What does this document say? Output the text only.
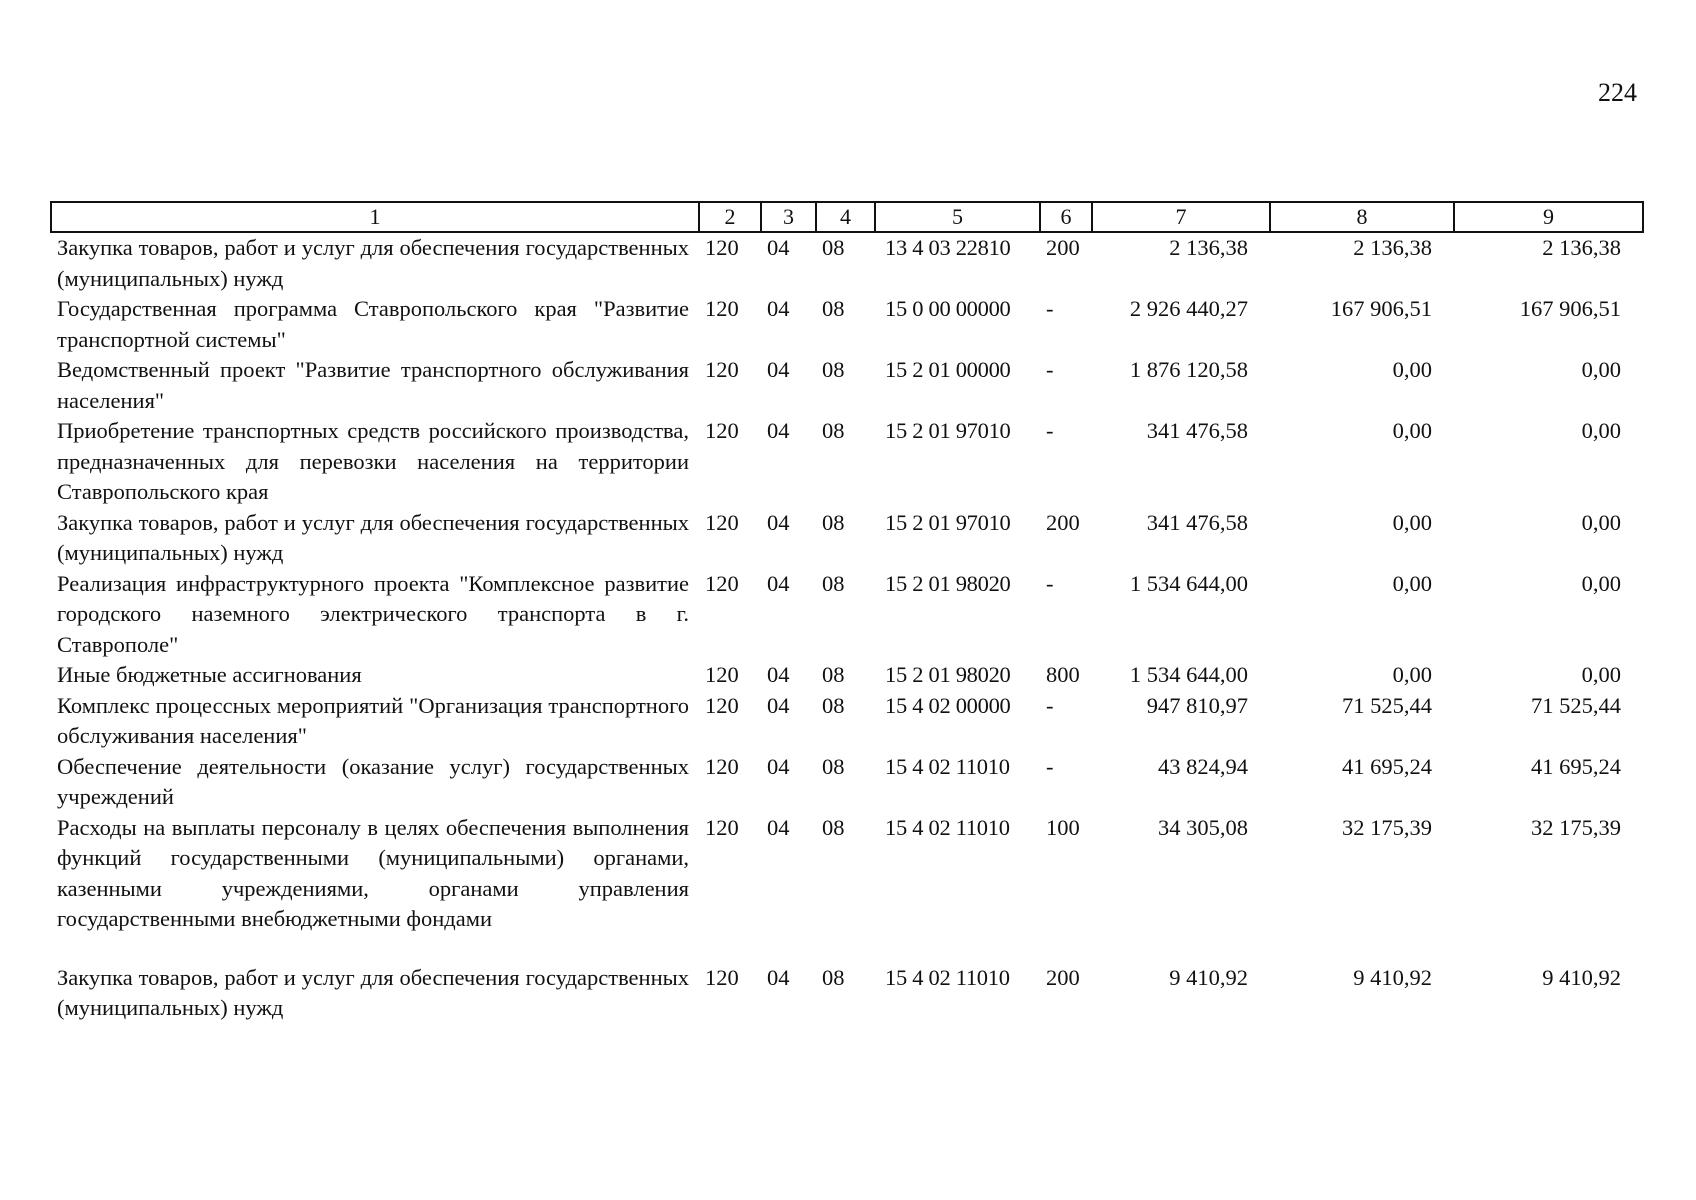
224
1	2	3	4	5	6	7	8	9
Закупка товаров, работ и услуг для обеспечения государственных (муниципальных) нужд	120	04	08	13 4 03 22810	200	2 136,38	2 136,38	2 136,38
Государственная программа Ставропольского края "Развитие транспортной системы"	120	04	08	15 0 00 00000	-	2 926 440,27	167 906,51	167 906,51
Ведомственный проект "Развитие транспортного обслуживания населения"	120	04	08	15 2 01 00000	-	1 876 120,58	0,00	0,00
Приобретение транспортных средств российского производства, предназначенных для перевозки населения на территории Ставропольского края	120	04	08	15 2 01 97010	-	341 476,58	0,00	0,00
Закупка товаров, работ и услуг для обеспечения государственных (муниципальных) нужд	120	04	08	15 2 01 97010	200	341 476,58	0,00	0,00
Реализация инфраструктурного проекта "Комплексное развитие городского наземного электрического транспорта в г. Ставрополе"	120	04	08	15 2 01 98020	-	1 534 644,00	0,00	0,00
Иные бюджетные ассигнования	120	04	08	15 2 01 98020	800	1 534 644,00	0,00	0,00
Комплекс процессных мероприятий "Организация транспортного обслуживания населения"	120	04	08	15 4 02 00000	-	947 810,97	71 525,44	71 525,44
Обеспечение деятельности (оказание услуг) государственных учреждений	120	04	08	15 4 02 11010	-	43 824,94	41 695,24	41 695,24
Расходы на выплаты персоналу в целях обеспечения выполнения функций государственными (муниципальными) органами, казенными учреждениями, органами управления государственными внебюджетными фондами	120	04	08	15 4 02 11010	100	34 305,08	32 175,39	32 175,39

Закупка товаров, работ и услуг для обеспечения государственных (муниципальных) нужд	120	04	08	15 4 02 11010	200	9 410,92	9 410,92	9 410,92
